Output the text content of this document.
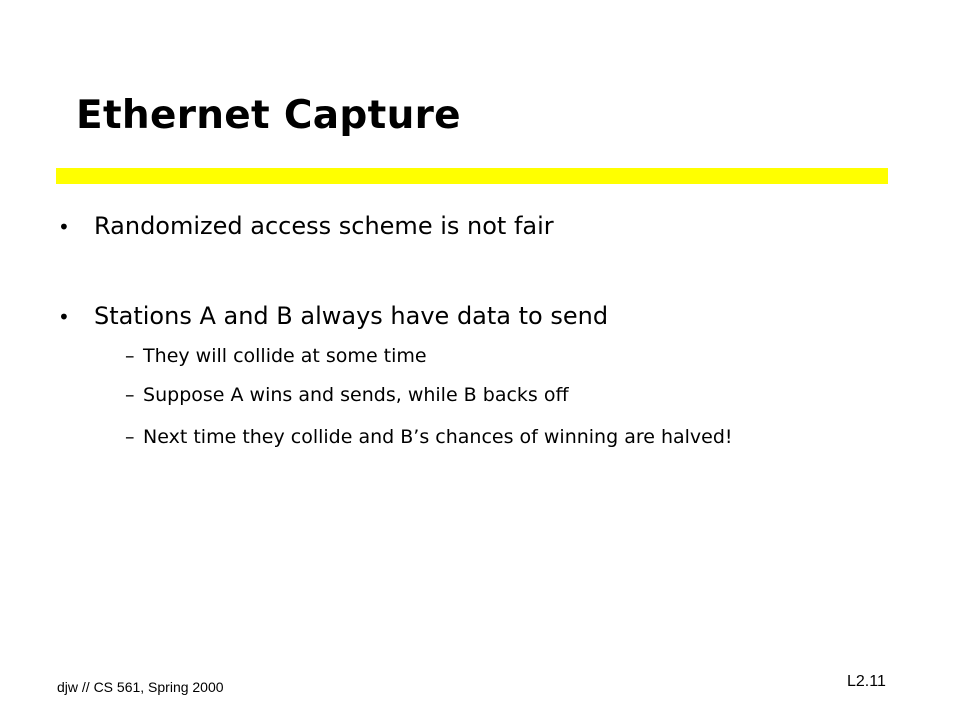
Ethernet Capture
• Randomized access scheme is not fair
• Stations A and B always have data to send
– They will collide at some time
– Suppose A wins and sends, while B backs off
– Next time they collide and B’s chances of winning are halved!
djw // CS 561, Spring 2000	L2.11
